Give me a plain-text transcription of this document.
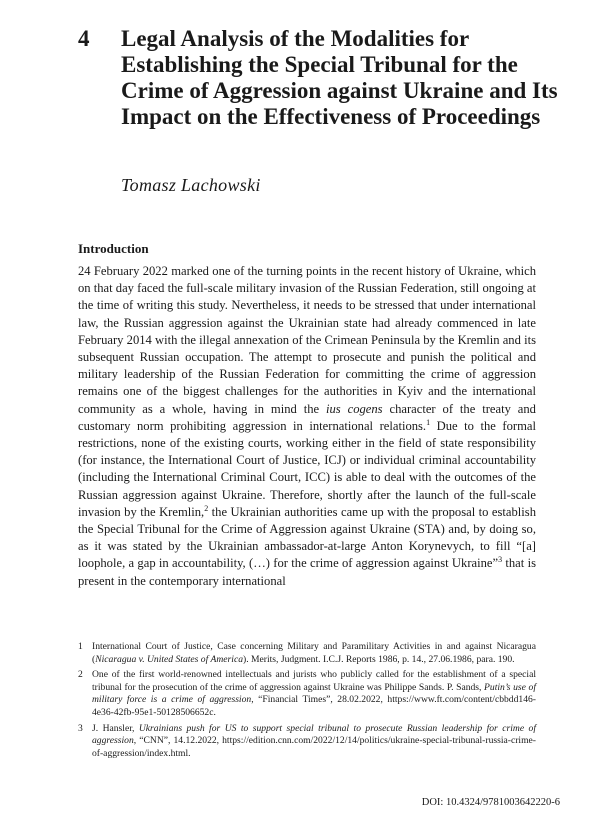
4 Legal Analysis of the Modalities for Establishing the Special Tribunal for the Crime of Aggression against Ukraine and Its Impact on the Effectiveness of Proceedings
Tomasz Lachowski
Introduction

24 February 2022 marked one of the turning points in the recent history of Ukraine, which on that day faced the full-scale military invasion of the Russian Federation, still ongoing at the time of writing this study. Nevertheless, it needs to be stressed that under international law, the Russian aggression against the Ukrainian state had already commenced in late February 2014 with the illegal annexation of the Crimean Peninsula by the Kremlin and its subsequent Russian occupation. The attempt to prosecute and punish the political and military leadership of the Russian Federation for committing the crime of aggression remains one of the biggest challenges for the authorities in Kyiv and the international community as a whole, having in mind the ius cogens character of the treaty and customary norm prohibiting aggression in international relations.$^1$ Due to the formal restrictions, none of the existing courts, working either in the field of state responsibility (for instance, the International Court of Justice, ICJ) or individual criminal accountability (including the International Criminal Court, ICC) is able to deal with the outcomes of the Russian aggression against Ukraine. Therefore, shortly after the launch of the full-scale invasion by the Kremlin,$^2$ the Ukrainian authorities came up with the proposal to establish the Special Tribunal for the Crime of Aggression against Ukraine (STA) and, by doing so, as it was stated by the Ukrainian ambassador-at-large Anton Korynevych, to fill “[a] loophole, a gap in accountability, (…) for the crime of aggression against Ukraine”$^3$ that is present in the contemporary international

1 International Court of Justice, Case concerning Military and Paramilitary Activities in and against Nicaragua (Nicaragua v. United States of America). Merits, Judgment. I.C.J. Reports 1986, p. 14., 27.06.1986, para. 190.
2 One of the first world-renowned intellectuals and jurists who publicly called for the establishment of a special tribunal for the prosecution of the crime of aggression against Ukraine was Philippe Sands. P. Sands, Putin’s use of military force is a crime of aggression, “Financial Times”, 28.02.2022, https://www.ft.com/content/cbbdd146-4e36-42fb-95e1-50128506652c.
3 J. Hansler, Ukrainians push for US to support special tribunal to prosecute Russian leadership for crime of aggression, “CNN”, 14.12.2022, https://edition.cnn.com/2022/12/14/politics/ukraine-special-tribunal-russia-crime-of-aggression/index.html.
DOI: 10.4324/9781003642220-6
